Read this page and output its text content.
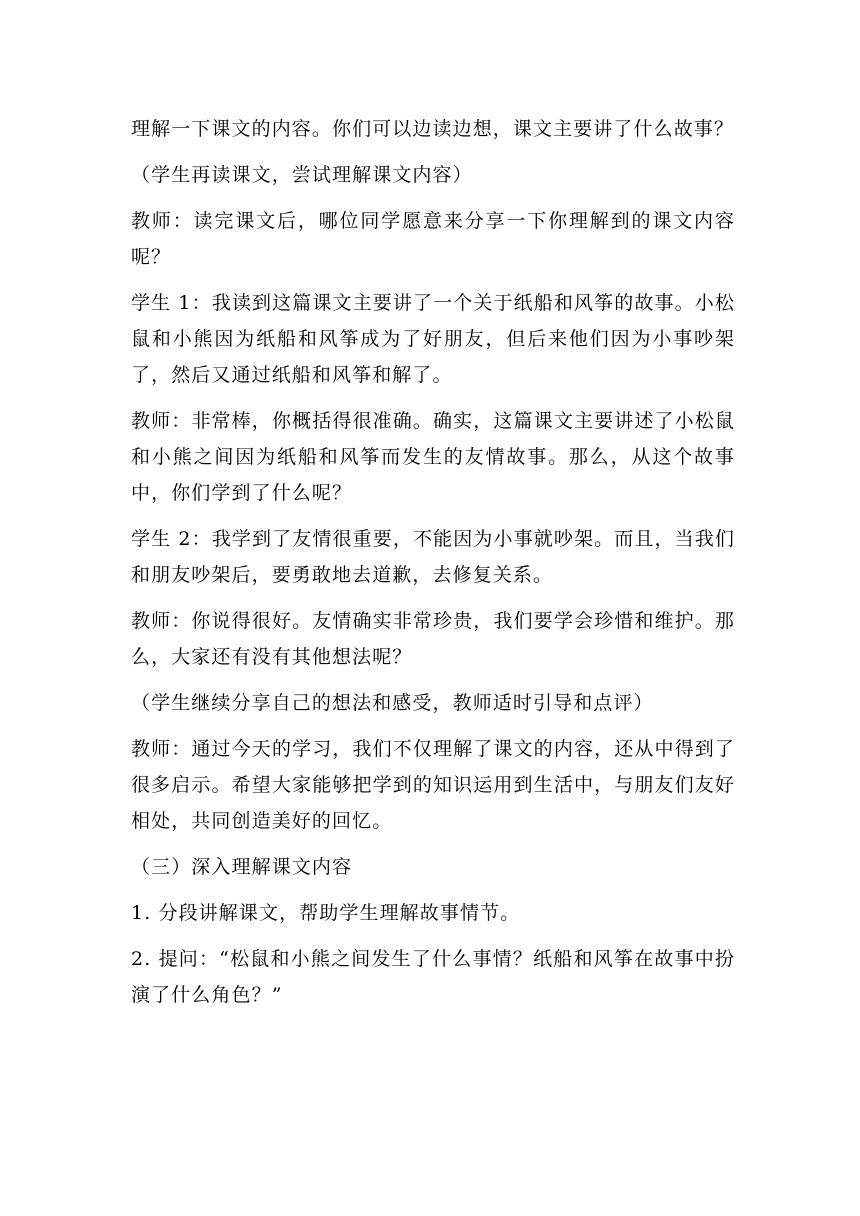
理解一下课文的内容。你们可以边读边想，课文主要讲了什么故事？

（学生再读课文，尝试理解课文内容）

教师：读完课文后，哪位同学愿意来分享一下你理解到的课文内容呢？

学生 1：我读到这篇课文主要讲了一个关于纸船和风筝的故事。小松鼠和小熊因为纸船和风筝成为了好朋友，但后来他们因为小事吵架了，然后又通过纸船和风筝和解了。

教师：非常棒，你概括得很准确。确实，这篇课文主要讲述了小松鼠和小熊之间因为纸船和风筝而发生的友情故事。那么，从这个故事中，你们学到了什么呢？

学生 2：我学到了友情很重要，不能因为小事就吵架。而且，当我们和朋友吵架后，要勇敢地去道歉，去修复关系。

教师：你说得很好。友情确实非常珍贵，我们要学会珍惜和维护。那么，大家还有没有其他想法呢？

（学生继续分享自己的想法和感受，教师适时引导和点评）

教师：通过今天的学习，我们不仅理解了课文的内容，还从中得到了很多启示。希望大家能够把学到的知识运用到生活中，与朋友们友好相处，共同创造美好的回忆。

（三）深入理解课文内容

1. 分段讲解课文，帮助学生理解故事情节。

2. 提问：“松鼠和小熊之间发生了什么事情？纸船和风筝在故事中扮演了什么角色？”
